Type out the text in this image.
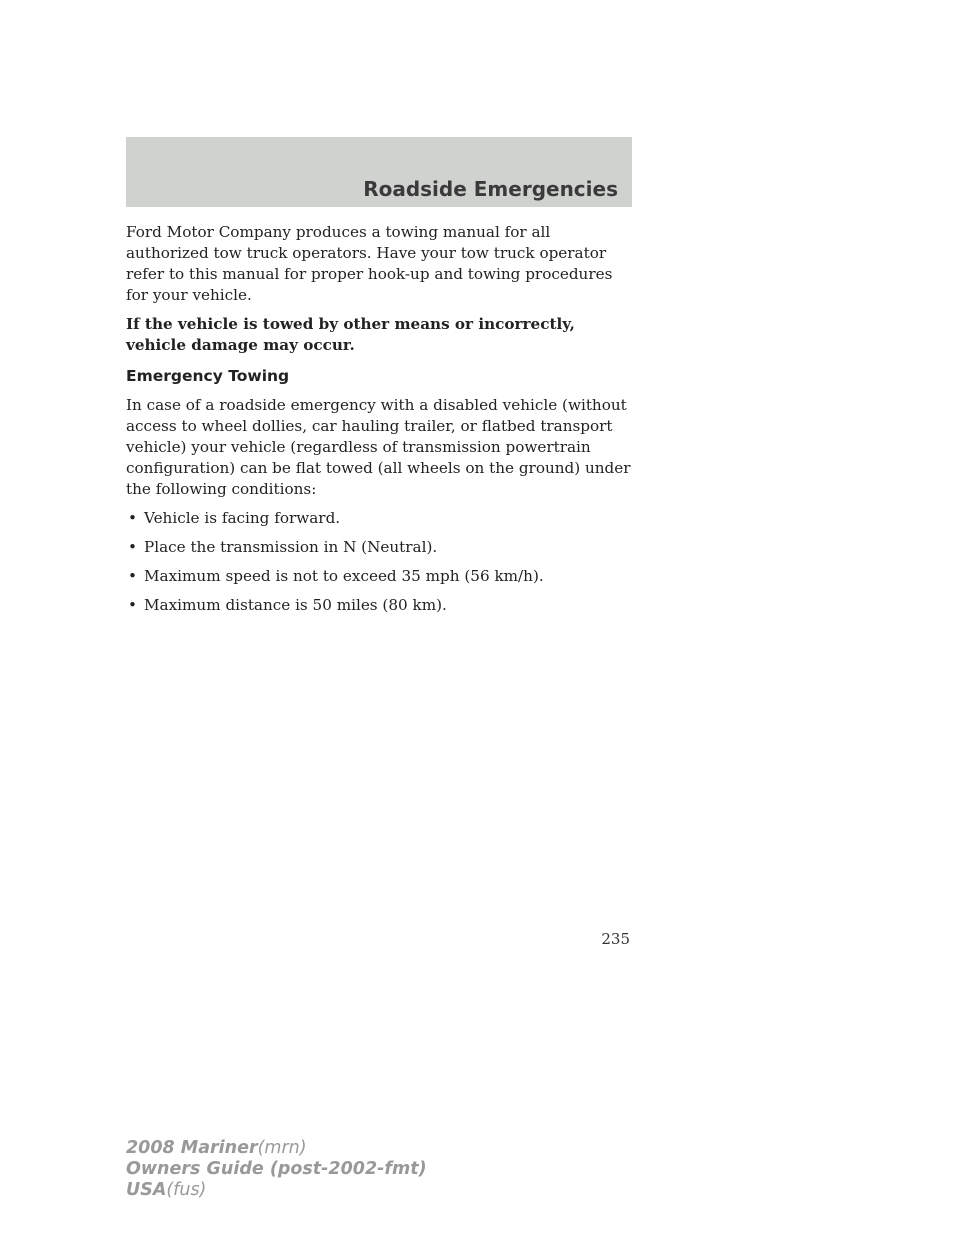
Roadside Emergencies

Ford Motor Company produces a towing manual for all authorized tow truck operators. Have your tow truck operator refer to this manual for proper hook-up and towing procedures for your vehicle.

If the vehicle is towed by other means or incorrectly, vehicle damage may occur.

Emergency Towing

In case of a roadside emergency with a disabled vehicle (without access to wheel dollies, car hauling trailer, or flatbed transport vehicle) your vehicle (regardless of transmission powertrain configuration) can be flat towed (all wheels on the ground) under the following conditions:

• Vehicle is facing forward.
• Place the transmission in N (Neutral).
• Maximum speed is not to exceed 35 mph (56 km/h).
• Maximum distance is 50 miles (80 km).
235
2008 Mariner(mrn)
Owners Guide (post-2002-fmt)
USA(fus)
